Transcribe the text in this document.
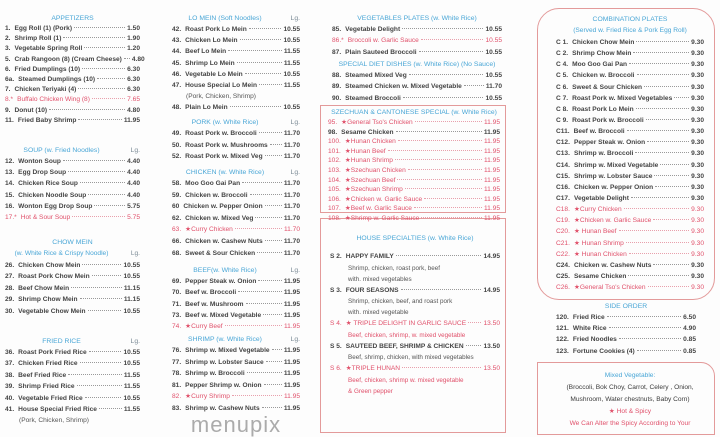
APPETIZERS
1. Egg Roll (1) (Pork)	1.50
2. Shrimp Roll (1)	1.90
3. Vegetable Spring Roll	1.20
5. Crab Rangoon (8) (Cream Cheese) 4.80
6. Fried Dumplings (10)	6.30
6a. Steamed Dumplings (10)	6.30
7. Chicken Teriyaki (4)	6.30
8.* Buffalo Chicken Wing (8)	7.65
9. Donut (10)	4.80
11. Fried Baby Shrimp	11.95
SOUP (w. Fried Noodles)	Lg.
12. Wonton Soup	4.40
13. Egg Drop Soup	4.40
14. Chicken Rice Soup	4.40
15. Chicken Noodle Soup	4.40
16. Wonton Egg Drop Soup	5.75
17.* Hot & Sour Soup	5.75
CHOW MEIN
(w. White Rice & Crispy Noodle)	Lg.
26. Chicken Chow Mein	10.55
27. Roast Pork Chow Mein	10.55
28. Beef Chow Mein	11.15
29. Shrimp Chow Mein	11.15
30. Vegetable Chow Mein	10.55
FRIED RICE	Lg.
36. Roast Pork Fried Rice	10.55
37. Chicken Fried Rice	10.55
38. Beef Fried Rice	11.55
39. Shrimp Fried Rice	11.55
40. Vegetable Fried Rice	10.55
41. House Special Fried Rice	11.55
(Pork, Chicken, Shrimp)
LO MEIN (Soft Noodles)	Lg.
42. Roast Pork Lo Mein	10.55
43. Chicken Lo Mein	10.55
44. Beef Lo Mein	11.55
45. Shrimp Lo Mein	11.55
46. Vegetable Lo Mein	10.55
47. House Special Lo Mein	11.55
(Pork, Chicken, Shrimp)
48. Plain Lo Mein	10.55
PORK (w. White Rice)	Lg.
49. Roast Pork w. Broccoli	11.70
50. Roast Pork w. Mushrooms 11.70
52. Roast Pork w. Mixed Veg	11.70
CHICKEN (w. White Rice)	Lg.
58. Moo Goo Gai Pan	11.70
59. Chicken w. Broccoli	11.70
60 Chicken w. Pepper Onion	11.70
62. Chicken w. Mixed Veg	11.70
63. ★Curry Chicken	11.70
66. Chicken w. Cashew Nuts	11.70
68. Sweet & Sour Chicken	11.70
BEEF(w. White Rice)	Lg.
69. Pepper Steak w. Onion	11.95
70. Beef w. Broccoli	11.95
71. Beef w. Mushroom	11.95
73. Beef w. Mixed Vegetable	11.95
74. ★Curry Beef	11.95
SHRIMP (w. White Rice)	Lg.
76. Shrimp w. Mixed Vegetable 11.95
77. Shrimp w. Lobster Sauce	11.95
78. Shrimp w. Broccoli	11.95
81. Pepper Shrimp w. Onion	11.95
82. ★Curry Shrimp	11.95
83. Shrimp w. Cashew Nuts	11.95
VEGETABLES PLATES (w. White Rice)
85. Vegetable Delight	10.55
86.* Broccoli w. Garlic Sauce	10.55
87. Plain Sauteed Broccoli	10.55
SPECIAL DIET DISHES (w. White Rice) (No Sauce)
88. Steamed Mixed Veg	10.55
89. Steamed Chicken w. Mixed Vegetable	11.70
90. Steamed Broccoli	10.55
SZECHUAN & CANTONESE SPECIAL (w. White Rice)
95. ★General Tso's Chicken	11.95
98. Sesame Chicken	11.95
100. ★Hunan Chicken	11.95
101. ★Hunan Beef	11.95
102. ★Hunan Shrimp	11.95
103. ★Szechuan Chicken	11.95
104. ★Szechuan Beef	11.95
105. ★Szechuan Shrimp	11.95
106. ★Chicken w. Garlic Sauce	11.95
107. ★Beef w. Garlic Sauce	11.95
108. ★Shrimp w. Garlic Sauce	11.95
HOUSE SPECIALTIES (w. White Rice)
S 2. HAPPY FAMILY	14.95
Shrimp, chicken, roast pork, beef
with. mixed vegetables
S 3. FOUR SEASONS	14.95
Shrimp, chicken, beef, and roast pork
with. mixed vegetable
S 4. ★ TRIPLE DELIGHT IN GARLIC SAUCE	13.50
Beef, chicken, shrimp, w. mixed vegetable
S 5. SAUTEED BEEF, SHRIMP & CHICKEN	13.50
Beef, shrimp, chicken, with mixed vegetables
S 6. ★TRIPLE HUNAN	13.50
Beef, chicken, shrimp w. mixed vegetable
& Green pepper
COMBINATION PLATES
(Served w. Fried Rice & Pork Egg Roll)
C 1. Chicken Chow Mein	9.30
C 2. Shrimp Chow Mein	9.30
C 4. Moo Goo Gai Pan	9.30
C 5. Chicken w. Broccoli	9.30
C 6. Sweet & Sour Chicken	9.30
C 7. Roast Pork w. Mixed Vegetables	9.30
C 8. Roast Pork Lo Mein	9.30
C 9. Roast Pork w. Broccoli	9.30
C11. Beef w. Broccoli	9.30
C12. Pepper Steak w. Onion	9.30
C13. Shrimp w. Broccoli	9.30
C14. Shrimp w. Mixed Vegetable	9.30
C15. Shrimp w. Lobster Sauce	9.30
C16. Chicken w. Pepper Onion	9.30
C17. Vegetable Delight	9.30
C18. ★Curry Chicken	9.30
C19. ★Chicken w. Garlic Sauce	9.30
C20. ★ Hunan Beef	9.30
C21. ★ Hunan Shrimp	9.30
C22. ★ Hunan Chicken	9.30
C24. Chicken w. Cashew Nuts	9.30
C25. Sesame Chicken	9.30
C26. ★General Tso's Chicken	9.30
SIDE ORDER
120. Fried Rice	6.50
121. White Rice	4.90
122. Fried Noodles	0.85
123. Fortune Cookies (4)	0.85
Mixed Vegetable:
(Broccoli, Bok Choy, Carrot, Celery , Onion,
Mushroom, Water chestnuts, Baby Corn)
★ Hot & Spicy
We Can Alter the Spicy According to Your
menupix
